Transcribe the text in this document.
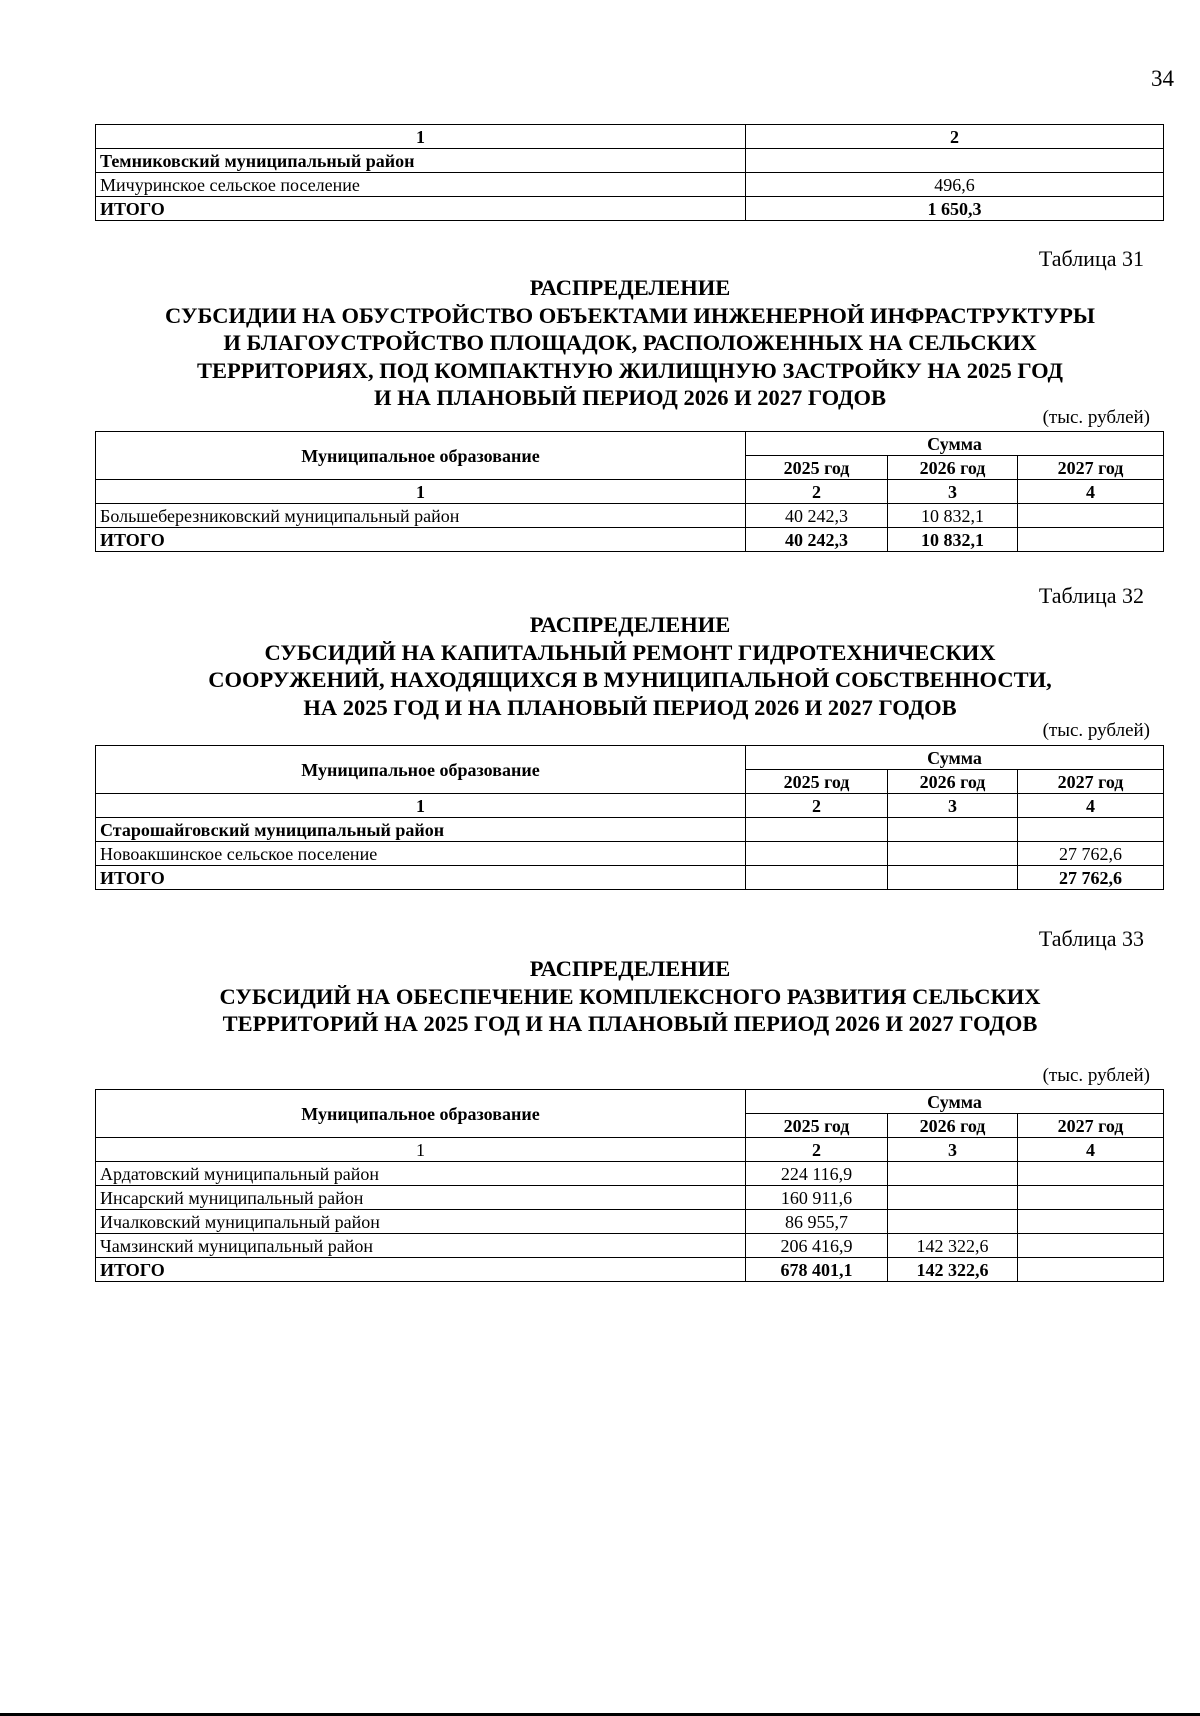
34
1	2
Темниковский муниципальный район	
Мичуринское сельское поселение	496,6
ИТОГО	1 650,3
Таблица 31
РАСПРЕДЕЛЕНИЕ
СУБСИДИИ НА ОБУСТРОЙСТВО ОБЪЕКТАМИ ИНЖЕНЕРНОЙ ИНФРАСТРУКТУРЫ
И БЛАГОУСТРОЙСТВО ПЛОЩАДОК, РАСПОЛОЖЕННЫХ НА СЕЛЬСКИХ
ТЕРРИТОРИЯХ, ПОД КОМПАКТНУЮ ЖИЛИЩНУЮ ЗАСТРОЙКУ НА 2025 ГОД
И НА ПЛАНОВЫЙ ПЕРИОД 2026 И 2027 ГОДОВ
(тыс. рублей)
Муниципальное образование	Сумма		
	2025 год	2026 год	2027 год
1	2	3	4
Большеберезниковский муниципальный район	40 242,3	10 832,1	
ИТОГО	40 242,3	10 832,1	
Таблица 32
РАСПРЕДЕЛЕНИЕ
СУБСИДИЙ НА КАПИТАЛЬНЫЙ РЕМОНТ ГИДРОТЕХНИЧЕСКИХ
СООРУЖЕНИЙ, НАХОДЯЩИХСЯ В МУНИЦИПАЛЬНОЙ СОБСТВЕННОСТИ,
НА 2025 ГОД И НА ПЛАНОВЫЙ ПЕРИОД 2026 И 2027 ГОДОВ
(тыс. рублей)
Муниципальное образование	Сумма		
	2025 год	2026 год	2027 год
1	2	3	4
Старошайговский муниципальный район			
Новоакшинское сельское поселение			27 762,6
ИТОГО			27 762,6
Таблица 33
РАСПРЕДЕЛЕНИЕ
СУБСИДИЙ НА ОБЕСПЕЧЕНИЕ КОМПЛЕКСНОГО РАЗВИТИЯ СЕЛЬСКИХ
ТЕРРИТОРИЙ НА 2025 ГОД И НА ПЛАНОВЫЙ ПЕРИОД 2026 И 2027 ГОДОВ
(тыс. рублей)
Муниципальное образование	Сумма		
	2025 год	2026 год	2027 год
1	2	3	4
Ардатовский муниципальный район	224 116,9		
Инсарский муниципальный район	160 911,6		
Ичалковский муниципальный район	86 955,7		
Чамзинский муниципальный район	206 416,9	142 322,6	
ИТОГО	678 401,1	142 322,6	
